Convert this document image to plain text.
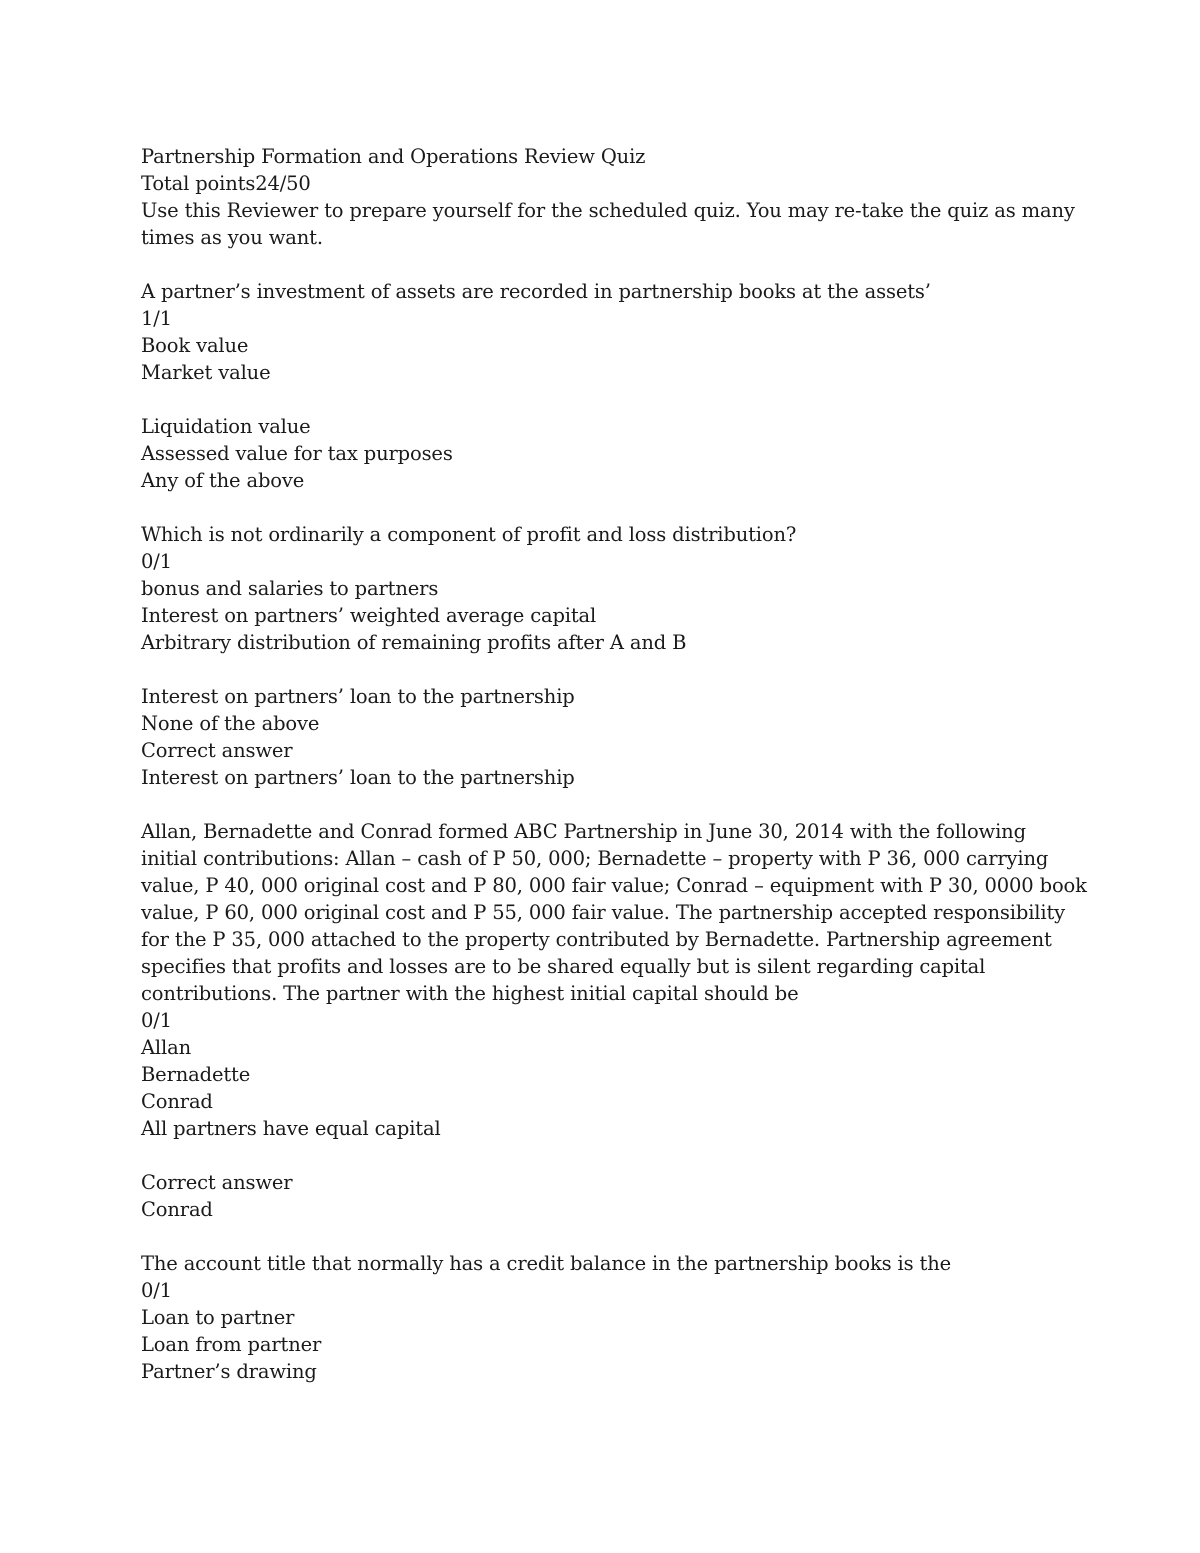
Partnership Formation and Operations Review Quiz
Total points24/50
Use this Reviewer to prepare yourself for the scheduled quiz. You may re-take the quiz as many
times as you want.
A partner’s investment of assets are recorded in partnership books at the assets’
1/1
Book value
Market value
Liquidation value
Assessed value for tax purposes
Any of the above
Which is not ordinarily a component of profit and loss distribution?
0/1
bonus and salaries to partners
Interest on partners’ weighted average capital
Arbitrary distribution of remaining profits after A and B
Interest on partners’ loan to the partnership
None of the above
Correct answer
Interest on partners’ loan to the partnership
Allan, Bernadette and Conrad formed ABC Partnership in June 30, 2014 with the following
initial contributions: Allan – cash of P 50, 000; Bernadette – property with P 36, 000 carrying
value, P 40, 000 original cost and P 80, 000 fair value; Conrad – equipment with P 30, 0000 book
value, P 60, 000 original cost and P 55, 000 fair value. The partnership accepted responsibility
for the P 35, 000 attached to the property contributed by Bernadette. Partnership agreement
specifies that profits and losses are to be shared equally but is silent regarding capital
contributions. The partner with the highest initial capital should be
0/1
Allan
Bernadette
Conrad
All partners have equal capital
Correct answer
Conrad
The account title that normally has a credit balance in the partnership books is the
0/1
Loan to partner
Loan from partner
Partner’s drawing
